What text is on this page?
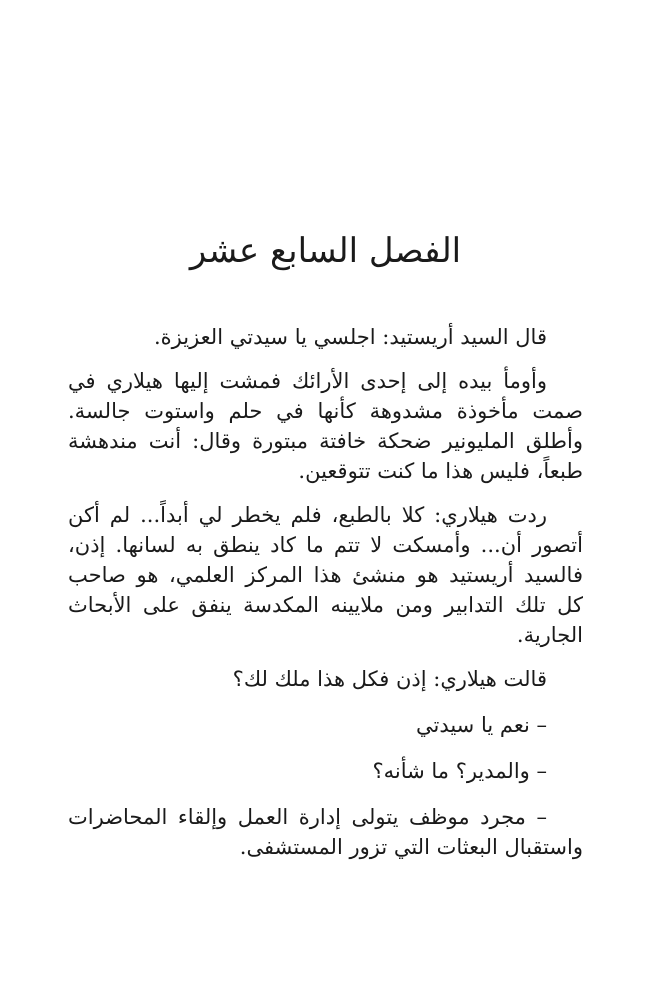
الفصل السابع عشر

قال السيد أريستيد: اجلسي يا سيدتي العزيزة.

وأومأ بيده إلى إحدى الأرائك فمشت إليها هيلاري في صمت مأخوذة مشدوهة كأنها في حلم واستوت جالسة. وأطلق المليونير ضحكة خافتة مبتورة وقال: أنت مندهشة طبعاً، فليس هذا ما كنت تتوقعين.

ردت هيلاري: كلا بالطبع، فلم يخطر لي أبداً... لم أكن أتصور أن... وأمسكت لا تتم ما كاد ينطق به لسانها. إذن، فالسيد أريستيد هو منشئ هذا المركز العلمي، هو صاحب كل تلك التدابير ومن ملايينه المكدسة ينفق على الأبحاث الجارية.

قالت هيلاري: إذن فكل هذا ملك لك؟

– نعم يا سيدتي

– والمدير؟ ما شأنه؟

– مجرد موظف يتولى إدارة العمل وإلقاء المحاضرات واستقبال البعثات التي تزور المستشفى.
